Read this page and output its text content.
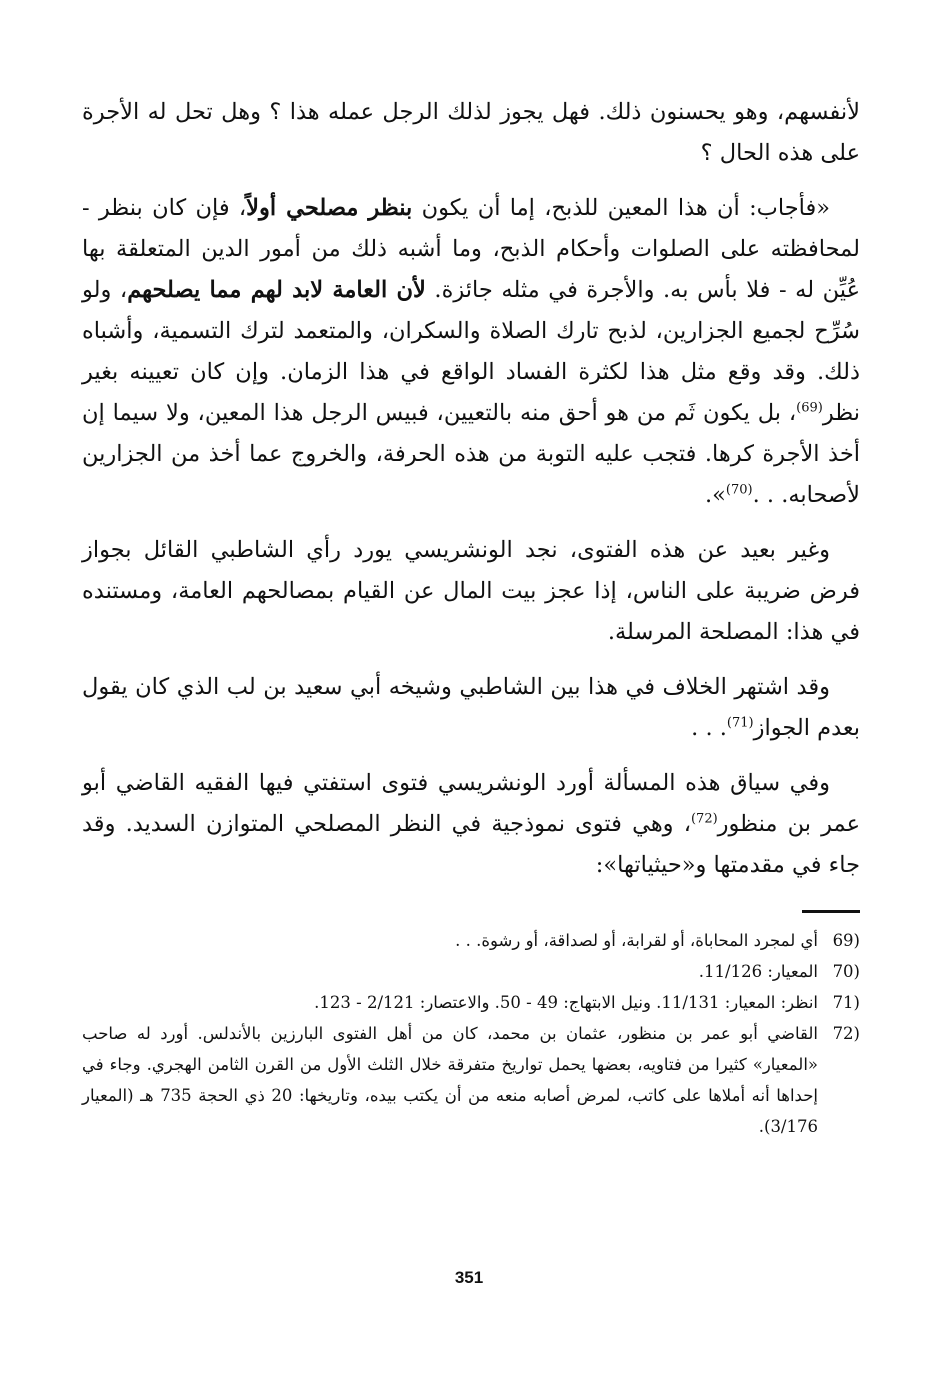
لأنفسهم، وهو يحسنون ذلك. فهل يجوز لذلك الرجل عمله هذا ؟ وهل تحل له الأجرة على هذه الحال ؟

«فأجاب: أن هذا المعين للذبح، إما أن يكون بنظر مصلحي أولاً، فإن كان بنظر - لمحافظته على الصلوات وأحكام الذبح، وما أشبه ذلك من أمور الدين المتعلقة بها عُيِّن له - فلا بأس به. والأجرة في مثله جائزة. لأن العامة لابد لهم مما يصلحهم، ولو سُرِّح لجميع الجزارين، لذبح تارك الصلاة والسكران، والمتعمد لترك التسمية، وأشباه ذلك. وقد وقع مثل هذا لكثرة الفساد الواقع في هذا الزمان. وإن كان تعيينه بغير نظر$^{(69)}$، بل يكون ثَم من هو أحق منه بالتعيين، فبيس الرجل هذا المعين، ولا سيما إن أخذ الأجرة كرها. فتجب عليه التوبة من هذه الحرفة، والخروج عما أخذ من الجزارين لأصحابه. . .$^{(70)}$».

وغير بعيد عن هذه الفتوى، نجد الونشريسي يورد رأي الشاطبي القائل بجواز فرض ضريبة على الناس، إذا عجز بيت المال عن القيام بمصالحهم العامة، ومستنده في هذا: المصلحة المرسلة.

وقد اشتهر الخلاف في هذا بين الشاطبي وشيخه أبي سعيد بن لب الذي كان يقول بعدم الجواز$^{(71)}$. . .

وفي سياق هذه المسألة أورد الونشريسي فتوى استفتي فيها الفقيه القاضي أبو عمر بن منظور$^{(72)}$، وهي فتوى نموذجية في النظر المصلحي المتوازن السديد. وقد جاء في مقدمتها و«حيثياتها»:

69)
أي لمجرد المحاباة، أو لقرابة، أو لصداقة، أو رشوة. . .
70)
المعيار: 11/126.
71)
انظر: المعيار: 11/131. ونيل الابتهاج: 49 - 50. والاعتصار: 2/121 - 123.
72)
القاضي أبو عمر بن منظور، عثمان بن محمد، كان من أهل الفتوى البارزين بالأندلس. أورد له صاحب «المعيار» كثيرا من فتاويه، بعضها يحمل تواريخ متفرقة خلال الثلث الأول من القرن الثامن الهجري. وجاء في إحداها أنه أملاها على كاتب، لمرض أصابه منعه من أن يكتب بيده، وتاريخها: 20 ذي الحجة 735 هـ (المعيار 3/176).
351
